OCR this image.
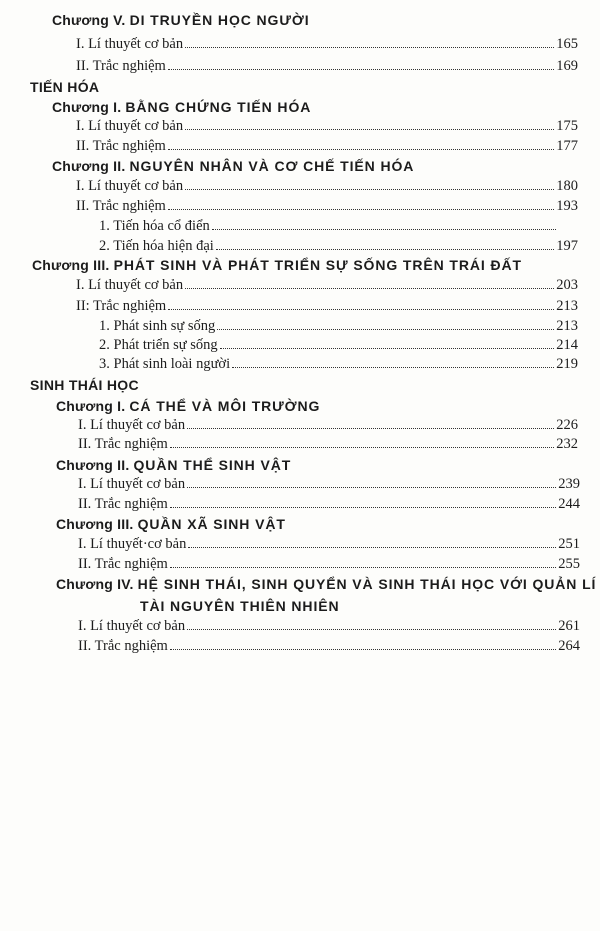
Chương V.
DI TRUYỀN HỌC NGƯỜI
I. Lí thuyết cơ bản	165
II. Trắc nghiệm	169
TIẾN HÓA
Chương I.
BẰNG CHỨNG TIẾN HÓA
I. Lí thuyết cơ bản	175
II. Trắc nghiệm	177
Chương II.
NGUYÊN NHÂN VÀ CƠ CHẾ TIẾN HÓA
I. Lí thuyết cơ bản	180
II. Trắc nghiệm	193
1. Tiến hóa cổ điển
2. Tiến hóa hiện đại	197
Chương III.
PHÁT SINH VÀ PHÁT TRIỂN SỰ SỐNG TRÊN TRÁI ĐẤT
I. Lí thuyết cơ bản	203
II: Trắc nghiệm	213
1. Phát sinh sự sống	213
2. Phát triển sự sống	214
3. Phát sinh loài người	219
SINH THÁI HỌC
Chương I.
CÁ THỂ VÀ MÔI TRƯỜNG
I. Lí thuyết cơ bản	226
II. Trắc nghiệm	232
Chương II.
QUẦN THỂ SINH VẬT
I. Lí thuyết cơ bản	239
II. Trắc nghiệm	244
Chương III.
QUẦN XÃ SINH VẬT
I. Lí thuyết·cơ bản	251
II. Trắc nghiệm	255
Chương IV.
HỆ SINH THÁI, SINH QUYỂN VÀ SINH THÁI HỌC VỚI QUẢN LÍ
TÀI NGUYÊN THIÊN NHIÊN
I. Lí thuyết cơ bản	261
II. Trắc nghiệm	264
